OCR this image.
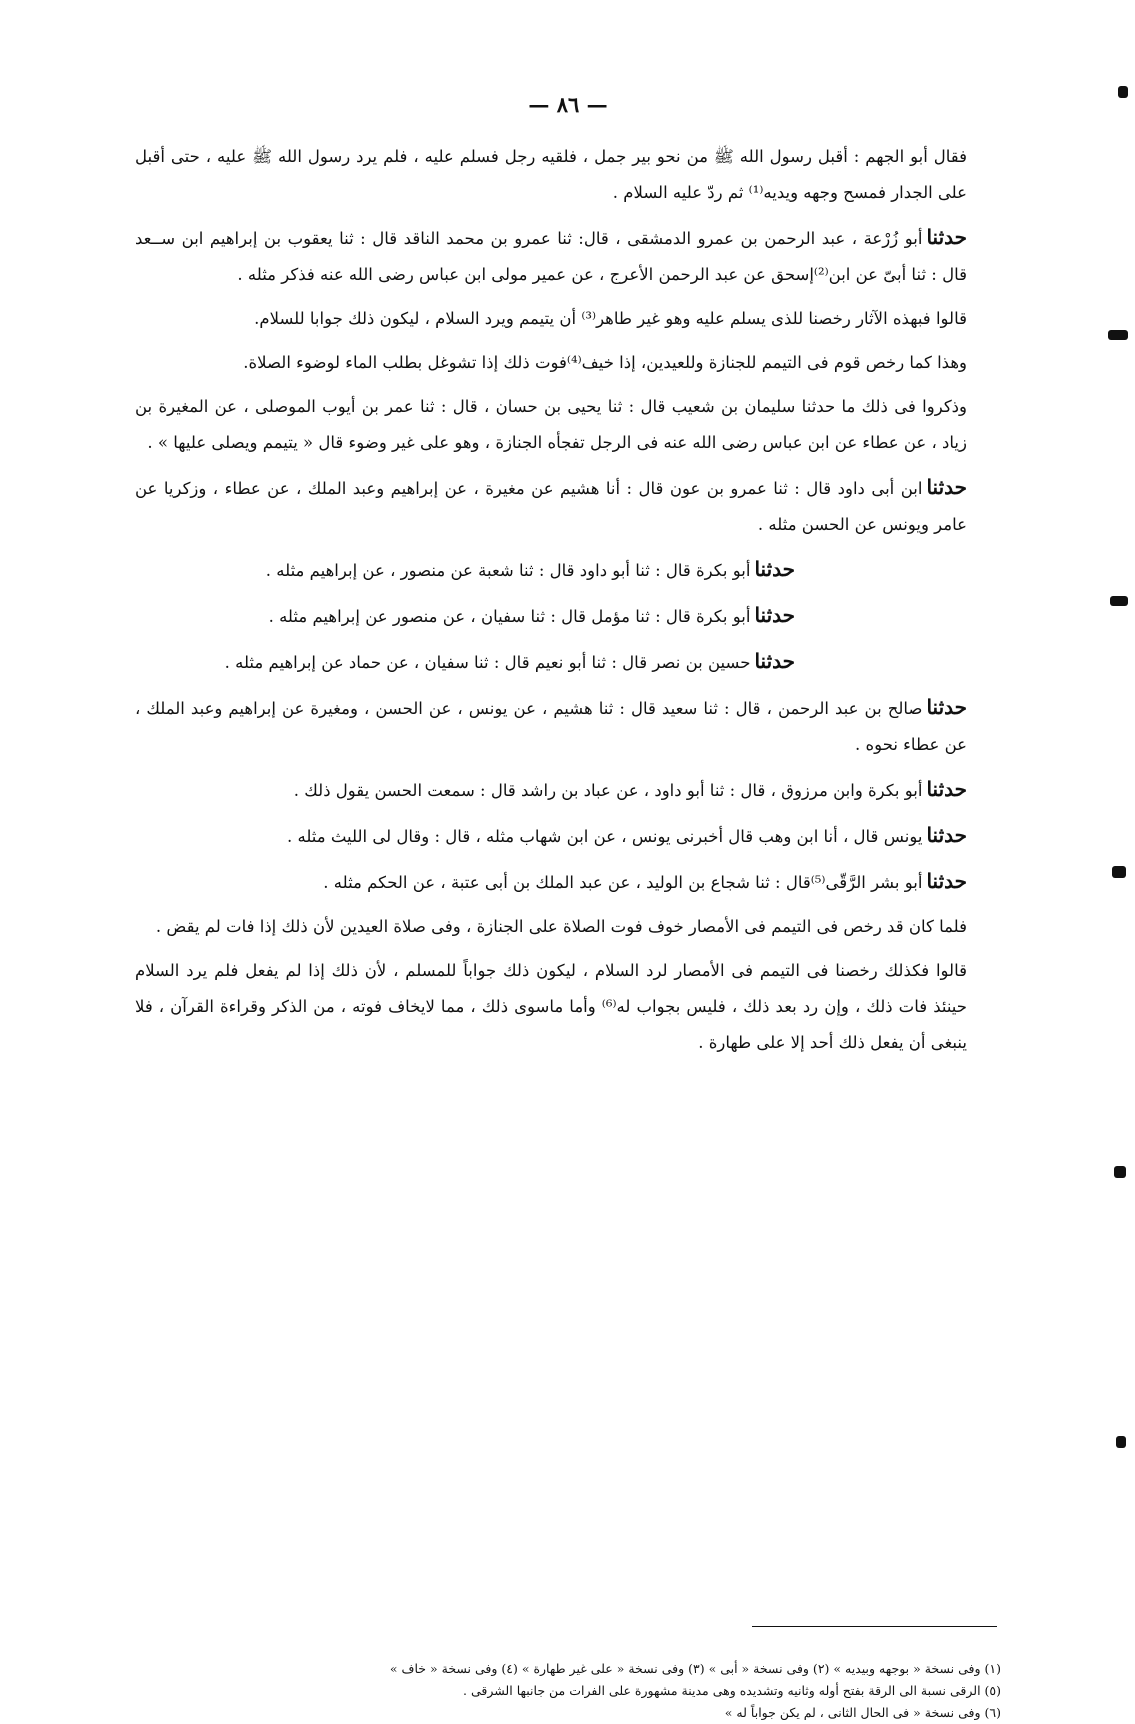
— ٨٦ —

فقال أبو الجهم : أقبل رسول الله ﷺ من نحو بير جمل ، فلقيه رجل فسلم عليه ، فلم يرد رسول الله ﷺ عليه ، حتى أقبل على الجدار فمسح وجهه ويديه⁽¹⁾ ثم ردّ عليه السلام .

حدثناأبو زُرْعة ، عبد الرحمن بن عمرو الدمشقى ، قال: ثنا عمرو بن محمد الناقد قال : ثنا يعقوب بن إبراهيم ابن ســعد قال : ثنا أبىّ عن ابن⁽²⁾إسحق عن عبد الرحمن الأعرج ، عن عمير مولى ابن عباس رضى الله عنه فذكر مثله .

قالوا فبهذه الآثار رخصنا للذى يسلم عليه وهو غير طاهر⁽³⁾ أن يتيمم ويرد السلام ، ليكون ذلك جوابا للسلام.

وهذا كما رخص قوم فى التيمم للجنازة وللعيدين، إذا خيف⁽⁴⁾فوت ذلك إذا تشوغل بطلب الماء لوضوء الصلاة.

وذكروا فى ذلك ما حدثنا سليمان بن شعيب قال : ثنا يحيى بن حسان ، قال : ثنا عمر بن أيوب الموصلى ، عن المغيرة بن زياد ، عن عطاء عن ابن عباس رضى الله عنه فى الرجل تفجأه الجنازة ، وهو على غير وضوء قال « يتيمم ويصلى عليها » .

حدثناابن أبى داود قال : ثنا عمرو بن عون قال : أنا هشيم عن مغيرة ، عن إبراهيم وعبد الملك ، عن عطاء ، وزكريا عن عامر ويونس عن الحسن مثله .

حدثناأبو بكرة قال : ثنا أبو داود قال : ثنا شعبة عن منصور ، عن إبراهيم مثله .

حدثناأبو بكرة قال : ثنا مؤمل قال : ثنا سفيان ، عن منصور عن إبراهيم مثله .

حدثناحسين بن نصر قال : ثنا أبو نعيم قال : ثنا سفيان ، عن حماد عن إبراهيم مثله .

حدثناصالح بن عبد الرحمن ، قال : ثنا سعيد قال : ثنا هشيم ، عن يونس ، عن الحسن ، ومغيرة عن إبراهيم وعبد الملك ، عن عطاء نحوه .

حدثناأبو بكرة وابن مرزوق ، قال : ثنا أبو داود ، عن عباد بن راشد قال : سمعت الحسن يقول ذلك .

حدثنايونس قال ، أنا ابن وهب قال أخبرنى يونس ، عن ابن شهاب مثله ، قال : وقال لى الليث مثله .

حدثناأبو بشر الرَّقّى⁽⁵⁾قال : ثنا شجاع بن الوليد ، عن عبد الملك بن أبى عتبة ، عن الحكم مثله .

فلما كان قد رخص فى التيمم فى الأمصار خوف فوت الصلاة على الجنازة ، وفى صلاة العيدين لأن ذلك إذا فات لم يقض .

قالوا فكذلك رخصنا فى التيمم فى الأمصار لرد السلام ، ليكون ذلك جواباً للمسلم ، لأن ذلك إذا لم يفعل فلم يرد السلام حينئذ فات ذلك ، وإن رد بعد ذلك ، فليس بجواب له⁽⁶⁾ وأما ماسوى ذلك ، مما لايخاف فوته ، من الذكر وقراءة القرآن ، فلا ينبغى أن يفعل ذلك أحد إلا على طهارة .

(١) وفى نسخة « بوجهه وبيديه » (٢) وفى نسخة « أبى » (٣) وفى نسخة « على غير طهارة » (٤) وفى نسخة « خاف »

(٥) الرقى نسبة الى الرقة بفتح أوله وثانيه وتشديده وهى مدينة مشهورة على الفرات من جانبها الشرقى .

(٦) وفى نسخة « فى الحال الثانى ، لم يكن جواباً له »
